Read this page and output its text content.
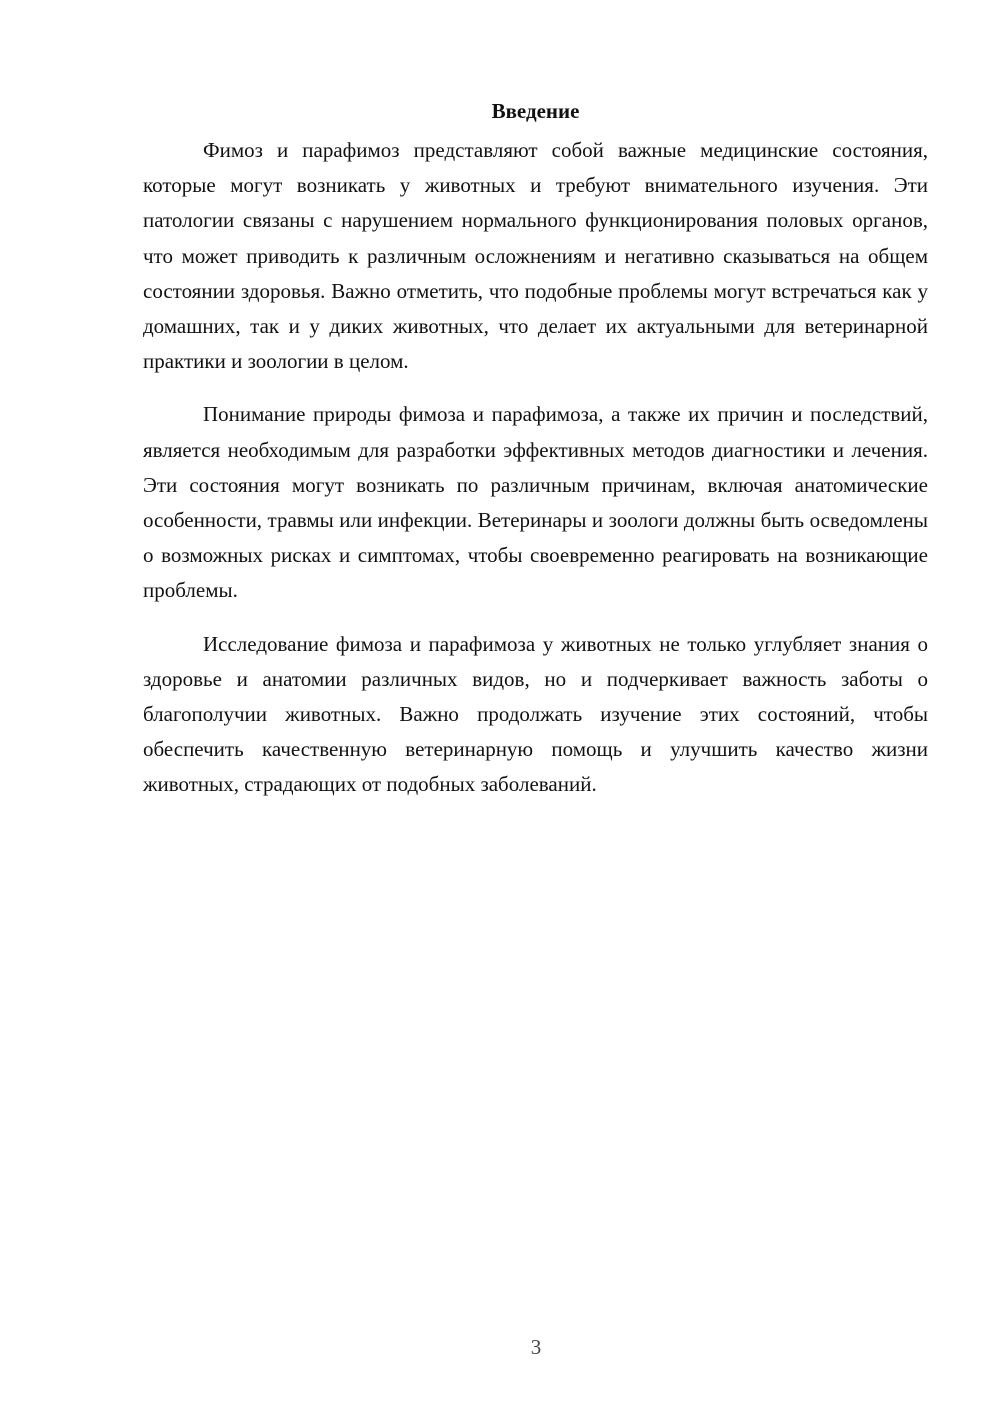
Введение

Фимоз и парафимоз представляют собой важные медицинские состояния, которые могут возникать у животных и требуют внимательного изучения. Эти патологии связаны с нарушением нормального функционирования половых органов, что может приводить к различным осложнениям и негативно сказываться на общем состоянии здоровья. Важно отметить, что подобные проблемы могут встречаться как у домашних, так и у диких животных, что делает их актуальными для ветеринарной практики и зоологии в целом.

Понимание природы фимоза и парафимоза, а также их причин и последствий, является необходимым для разработки эффективных методов диагностики и лечения. Эти состояния могут возникать по различным причинам, включая анатомические особенности, травмы или инфекции. Ветеринары и зоологи должны быть осведомлены о возможных рисках и симптомах, чтобы своевременно реагировать на возникающие проблемы.

Исследование фимоза и парафимоза у животных не только углубляет знания о здоровье и анатомии различных видов, но и подчеркивает важность заботы о благополучии животных. Важно продолжать изучение этих состояний, чтобы обеспечить качественную ветеринарную помощь и улучшить качество жизни животных, страдающих от подобных заболеваний.

3
